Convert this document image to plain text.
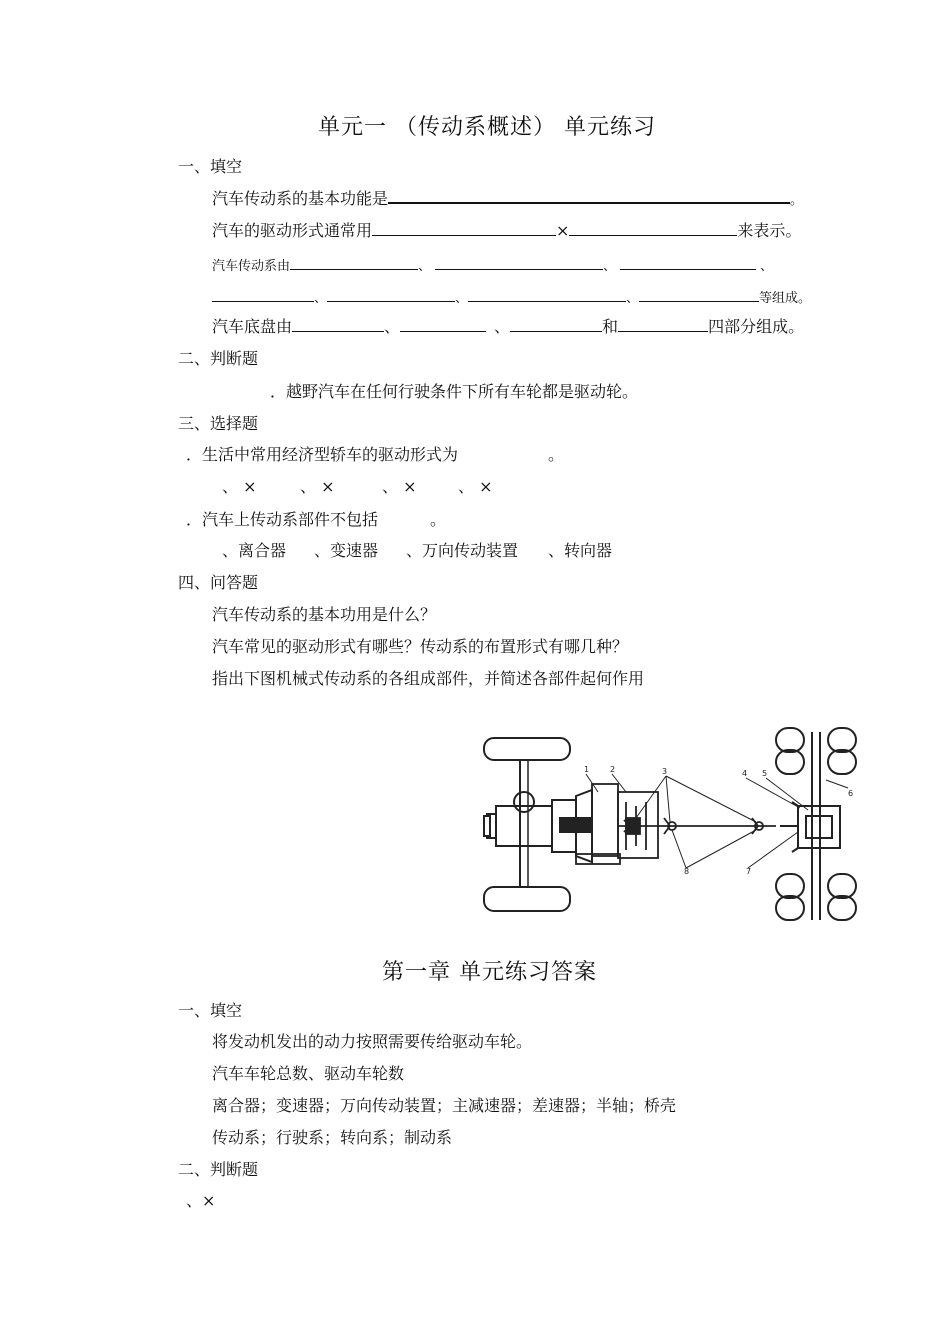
单元一 （传动系概述） 单元练习
一、填空
汽车传动系的基本功能是	。
汽车的驱动形式通常用	×	来表示。
汽车传动系由	、	、	、
、	、	、	等组成。
汽车底盘由	、	、	和	四部分组成。
二、判断题
．越野汽车在任何行驶条件下所有车轮都是驱动轮。
三、选择题
．生活中常用经济型轿车的驱动形式为	。
、 ×	、 ×	、 ×	、 ×
．汽车上传动系部件不包括	。
、离合器 、变速器 、万向传动装置 、转向器
四、问答题
汽车传动系的基本功用是什么？
汽车常见的驱动形式有哪些？传动系的布置形式有哪几种？
指出下图机械式传动系的各组成部件，并简述各部件起何作用
1	2	3	4 5
6
7
8
第一章 单元练习答案
一、填空
将发动机发出的动力按照需要传给驱动车轮。
汽车车轮总数、驱动车轮数
离合器；变速器；万向传动装置；主减速器；差速器；半轴；桥壳
传动系；行驶系；转向系；制动系
二、判断题
、×
